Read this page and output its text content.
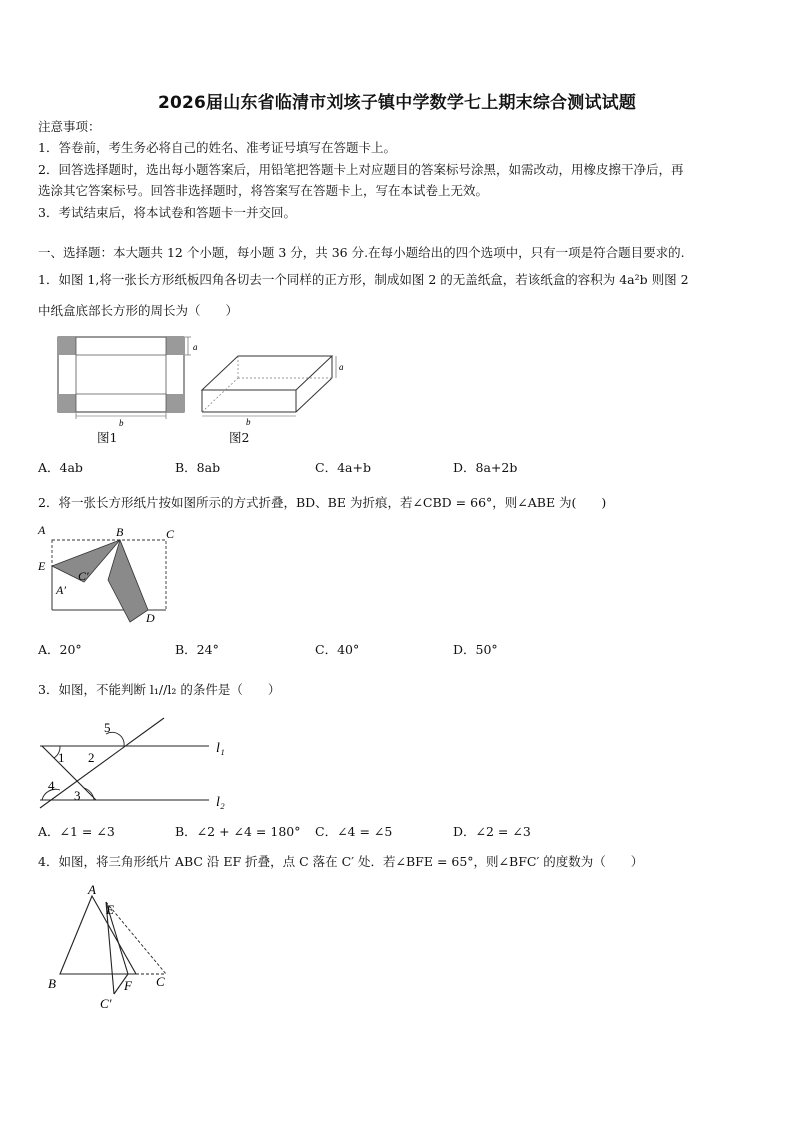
2026届山东省临清市刘垓子镇中学数学七上期末综合测试试题
注意事项：
1．答卷前，考生务必将自己的姓名、准考证号填写在答题卡上。
2．回答选择题时，选出每小题答案后，用铅笔把答题卡上对应题目的答案标号涂黑，如需改动，用橡皮擦干净后，再
选涂其它答案标号。回答非选择题时，将答案写在答题卡上，写在本试卷上无效。
3．考试结束后，将本试卷和答题卡一并交回。
一、选择题：本大题共 12 个小题，每小题 3 分，共 36 分.在每小题给出的四个选项中，只有一项是符合题目要求的.
1．如图 1,将一张长方形纸板四角各切去一个同样的正方形，制成如图 2 的无盖纸盒，若该纸盒的容积为 4a²b 则图 2
中纸盒底部长方形的周长为（　　）
a
b
图1
a
b
图2
A．4ab	B．8ab	C．4a+b	D．8a+2b
2．将一张长方形纸片按如图所示的方式折叠，BD、BE 为折痕，若∠CBD = 66°，则∠ABE 为(　　)
A	B	C
E
C′
A′
D
A．20°	B．24°	C．40°	D．50°
3．如图，不能判断 l₁//l₂ 的条件是（　　）
5
1 2
4
3
l₁
l₂
A．∠1 = ∠3	B．∠2 + ∠4 = 180° C．∠4 = ∠5	D．∠2 = ∠3
4．如图，将三角形纸片 ABC 沿 EF 折叠，点 C 落在 C′ 处．若∠BFE = 65°，则∠BFC′ 的度数为（　　）
A
E
B
C′
F C
